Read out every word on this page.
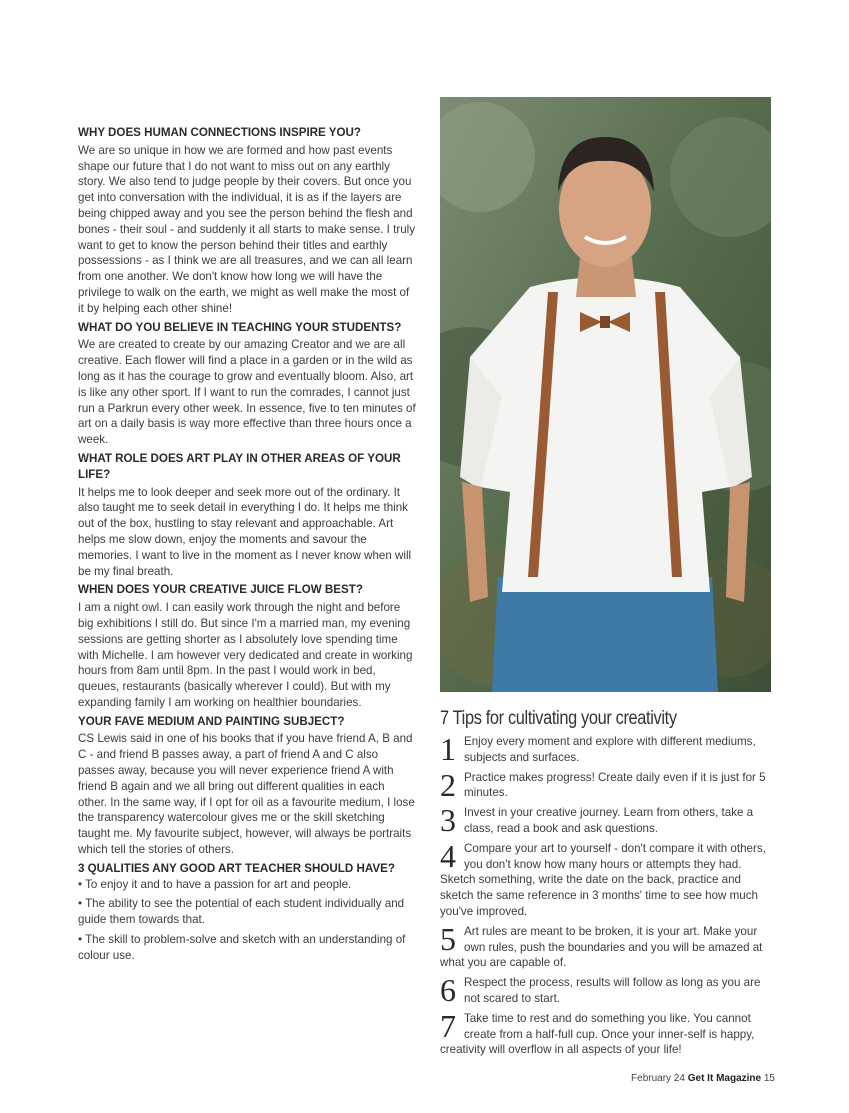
WHY DOES HUMAN CONNECTIONS INSPIRE YOU?

We are so unique in how we are formed and how past events shape our future that I do not want to miss out on any earthly story. We also tend to judge people by their covers. But once you get into conversation with the individual, it is as if the layers are being chipped away and you see the person behind the flesh and bones - their soul - and suddenly it all starts to make sense. I truly want to get to know the person behind their titles and earthly possessions - as I think we are all treasures, and we can all learn from one another. We don't know how long we will have the privilege to walk on the earth, we might as well make the most of it by helping each other shine!

WHAT DO YOU BELIEVE IN TEACHING YOUR STUDENTS?

We are created to create by our amazing Creator and we are all creative. Each flower will find a place in a garden or in the wild as long as it has the courage to grow and eventually bloom. Also, art is like any other sport. If I want to run the comrades, I cannot just run a Parkrun every other week. In essence, five to ten minutes of art on a daily basis is way more effective than three hours once a week.

WHAT ROLE DOES ART PLAY IN OTHER AREAS OF YOUR LIFE?

It helps me to look deeper and seek more out of the ordinary. It also taught me to seek detail in everything I do. It helps me think out of the box, hustling to stay relevant and approachable. Art helps me slow down, enjoy the moments and savour the memories. I want to live in the moment as I never know when will be my final breath.

WHEN DOES YOUR CREATIVE JUICE FLOW BEST?

I am a night owl. I can easily work through the night and before big exhibitions I still do. But since I'm a married man, my evening sessions are getting shorter as I absolutely love spending time with Michelle. I am however very dedicated and create in working hours from 8am until 8pm. In the past I would work in bed, queues, restaurants (basically wherever I could). But with my expanding family I am working on healthier boundaries.

YOUR FAVE MEDIUM AND PAINTING SUBJECT?

CS Lewis said in one of his books that if you have friend A, B and C - and friend B passes away, a part of friend A and C also passes away, because you will never experience friend A with friend B again and we all bring out different qualities in each other. In the same way, if I opt for oil as a favourite medium, I lose the transparency watercolour gives me or the skill sketching taught me. My favourite subject, however, will always be portraits which tell the stories of others.

3 QUALITIES ANY GOOD ART TEACHER SHOULD HAVE?

• To enjoy it and to have a passion for art and people.

• The ability to see the potential of each student individually and guide them towards that.

• The skill to problem-solve and sketch with an understanding of colour use.

7 Tips for cultivating your creativity

1 Enjoy every moment and explore with different mediums, subjects and surfaces.
2 Practice makes progress! Create daily even if it is just for 5 minutes.
3 Invest in your creative journey. Learn from others, take a class, read a book and ask questions.
4 Compare your art to yourself - don't compare it with others, you don't know how many hours or attempts they had. Sketch something, write the date on the back, practice and sketch the same reference in 3 months' time to see how much you've improved.
5 Art rules are meant to be broken, it is your art. Make your own rules, push the boundaries and you will be amazed at what you are capable of.
6 Respect the process, results will follow as long as you are not scared to start.
7 Take time to rest and do something you like. You cannot create from a half-full cup. Once your inner-self is happy, creativity will overflow in all aspects of your life!
February 24 Get It Magazine 15
